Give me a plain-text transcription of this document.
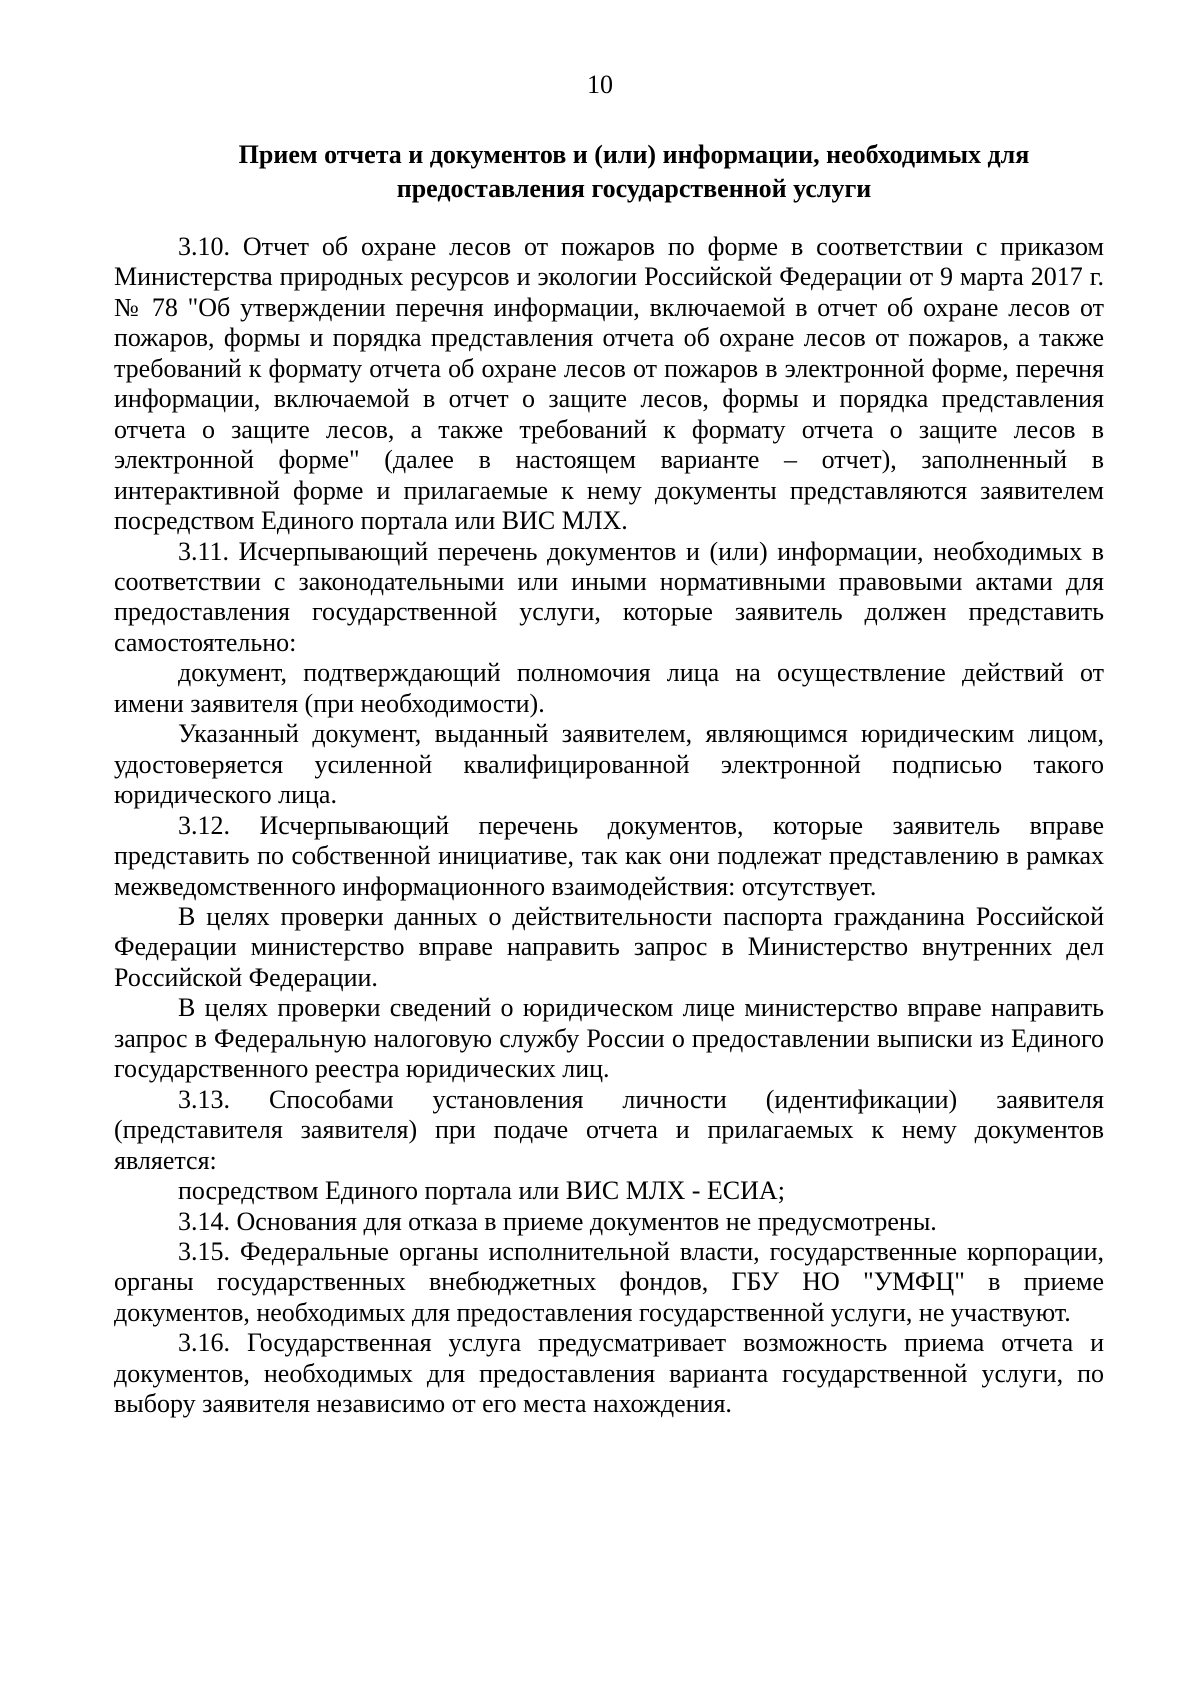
10
Прием отчета и документов и (или) информации, необходимых для
предоставления государственной услуги

3.10. Отчет об охране лесов от пожаров по форме в соответствии с приказом Министерства природных ресурсов и экологии Российской Федерации от 9 марта 2017 г. № 78 "Об утверждении перечня информации, включаемой в отчет об охране лесов от пожаров, формы и порядка представления отчета об охране лесов от пожаров, а также требований к формату отчета об охране лесов от пожаров в электронной форме, перечня информации, включаемой в отчет о защите лесов, формы и порядка представления отчета о защите лесов, а также требований к формату отчета о защите лесов в электронной форме" (далее в настоящем варианте – отчет), заполненный в интерактивной форме и прилагаемые к нему документы представляются заявителем посредством Единого портала или ВИС МЛХ.

3.11. Исчерпывающий перечень документов и (или) информации, необходимых в соответствии с законодательными или иными нормативными правовыми актами для предоставления государственной услуги, которые заявитель должен представить самостоятельно:

документ, подтверждающий полномочия лица на осуществление действий от имени заявителя (при необходимости).

Указанный документ, выданный заявителем, являющимся юридическим лицом, удостоверяется усиленной квалифицированной электронной подписью такого юридического лица.

3.12. Исчерпывающий перечень документов, которые заявитель вправе представить по собственной инициативе, так как они подлежат представлению в рамках межведомственного информационного взаимодействия: отсутствует.

В целях проверки данных о действительности паспорта гражданина Российской Федерации министерство вправе направить запрос в Министерство внутренних дел Российской Федерации.

В целях проверки сведений о юридическом лице министерство вправе направить запрос в Федеральную налоговую службу России о предоставлении выписки из Единого государственного реестра юридических лиц.

3.13. Способами установления личности (идентификации) заявителя (представителя заявителя) при подаче отчета и прилагаемых к нему документов является:

посредством Единого портала или ВИС МЛХ - ЕСИА;

3.14. Основания для отказа в приеме документов не предусмотрены.

3.15. Федеральные органы исполнительной власти, государственные корпорации, органы государственных внебюджетных фондов, ГБУ НО "УМФЦ" в приеме документов, необходимых для предоставления государственной услуги, не участвуют.

3.16. Государственная услуга предусматривает возможность приема отчета и документов, необходимых для предоставления варианта государственной услуги, по выбору заявителя независимо от его места нахождения.
